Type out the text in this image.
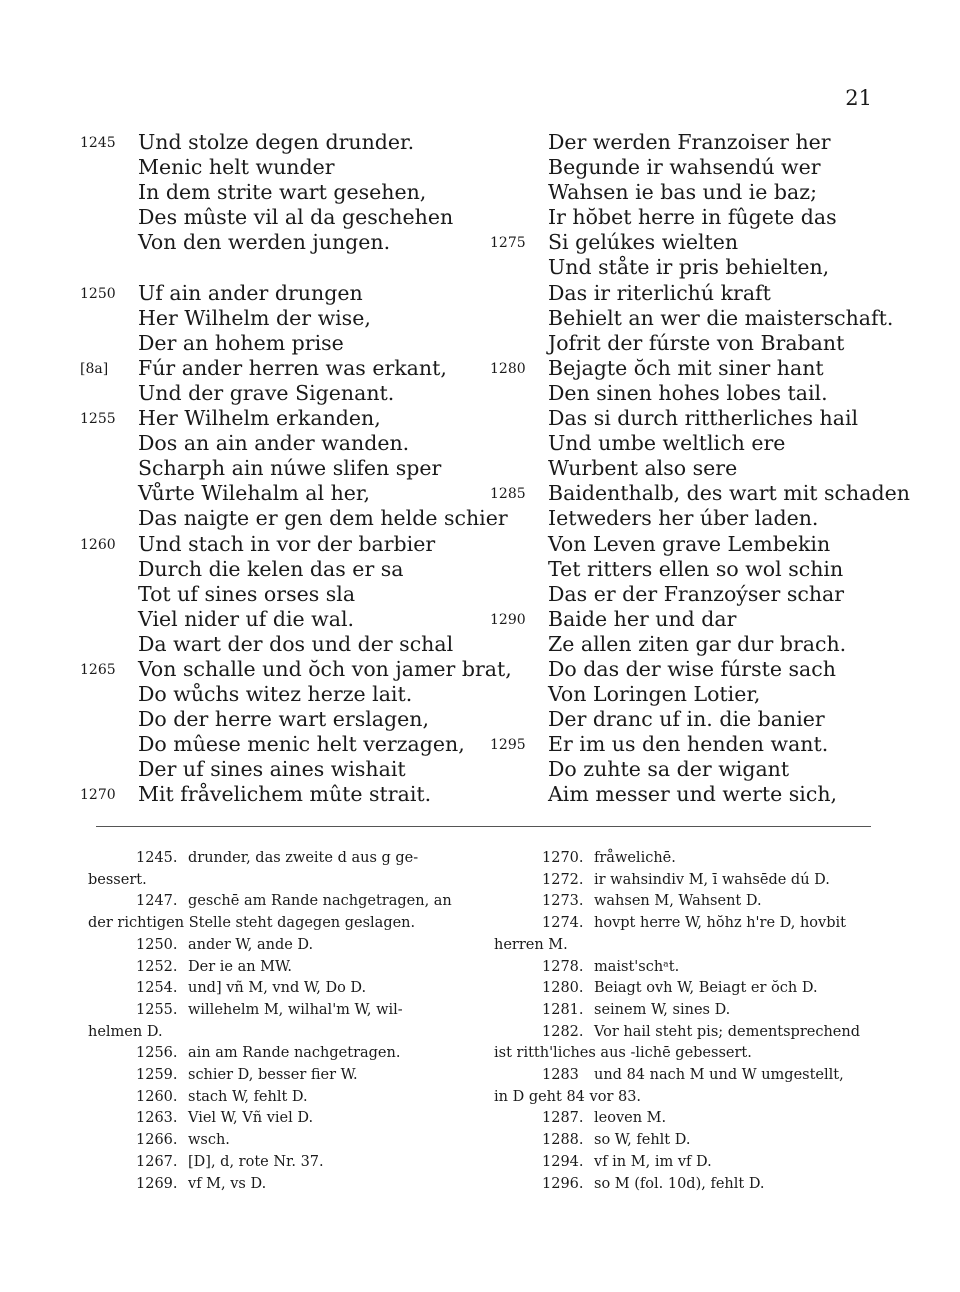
21
1245	Und stolze degen drunder.
Menic helt wunder
In dem strite wart gesehen,
Des mûste vil al da geschehen
Von den werden jungen.
1250	Uf ain ander drungen
Her Wilhelm der wise,
Der an hohem prise
[8a]	Fúr ander herren was erkant,
Und der grave Sigenant.
1255	Her Wilhelm erkanden,
Dos an ain ander wanden.
Scharph ain núwe slifen sper
Vůrte Wilehalm al her,
Das naigte er gen dem helde schier
1260	Und stach in vor der barbier
Durch die kelen das er sa
Tot uf sines orses sla
Viel nider uf die wal.
Da wart der dos und der schal
1265	Von schalle und ŏch von jamer brat,
Do wůchs witez herze lait.
Do der herre wart erslagen,
Do mûese menic helt verzagen,
Der uf sines aines wishait
1270	Mit fråvelichem mûte strait.
Der werden Franzoiser her
Begunde ir wahsendú wer
Wahsen ie bas und ie baz;
Ir hŏbet herre in fûgete das
1275	Si gelúkes wielten
Und ståte ir pris behielten,
Das ir riterlichú kraft
Behielt an wer die maisterschaft.
Jofrit der fúrste von Brabant
1280	Bejagte ŏch mit siner hant
Den sinen hohes lobes tail.
Das si durch rittherliches hail
Und umbe weltlich ere
Wurbent also sere
1285	Baidenthalb, des wart mit schaden
Ietweders her úber laden.
Von Leven grave Lembekin
Tet ritters ellen so wol schin
Das er der Franzoýser schar
1290	Baide her und dar
Ze allen ziten gar dur brach.
Do das der wise fúrste sach
Von Loringen Lotier,
Der dranc uf in. die banier
1295	Er im us den henden want.
Do zuhte sa der wigant
Aim messer und werte sich,
1245. drunder, das zweite d aus g ge-
bessert.
1247. geschē am Rande nachgetragen, an
der richtigen Stelle steht dagegen geslagen.
1250. ander W, ande D.
1252. Der ie an MW.
1254. und] vñ M, vnd W, Do D.
1255. willehelm M, wilhal'm W, wil-
helmen D.
1256. ain am Rande nachgetragen.
1259. schier D, besser fier W.
1260. stach W, fehlt D.
1263. Viel W, Vñ viel D.
1266. wsch.
1267. [D], d, rote Nr. 37.
1269. vf M, vs D.
1270. fråwelichē.
1272. ir wahsindiv M, ī wahsēde dú D.
1273. wahsen M, Wahsent D.
1274. hovpt herre W, hŏhz h're D, hovbit
herren M.
1278. maist'schᵃt.
1280. Beiagt ovh W, Beiagt er ŏch D.
1281. seinem W, sines D.
1282. Vor hail steht pis; dementsprechend
ist ritth'liches aus -lichē gebessert.
1283 und 84 nach M und W umgestellt,
in D geht 84 vor 83.
1287. leoven M.
1288. so W, fehlt D.
1294. vf in M, im vf D.
1296. so M (fol. 10d), fehlt D.
